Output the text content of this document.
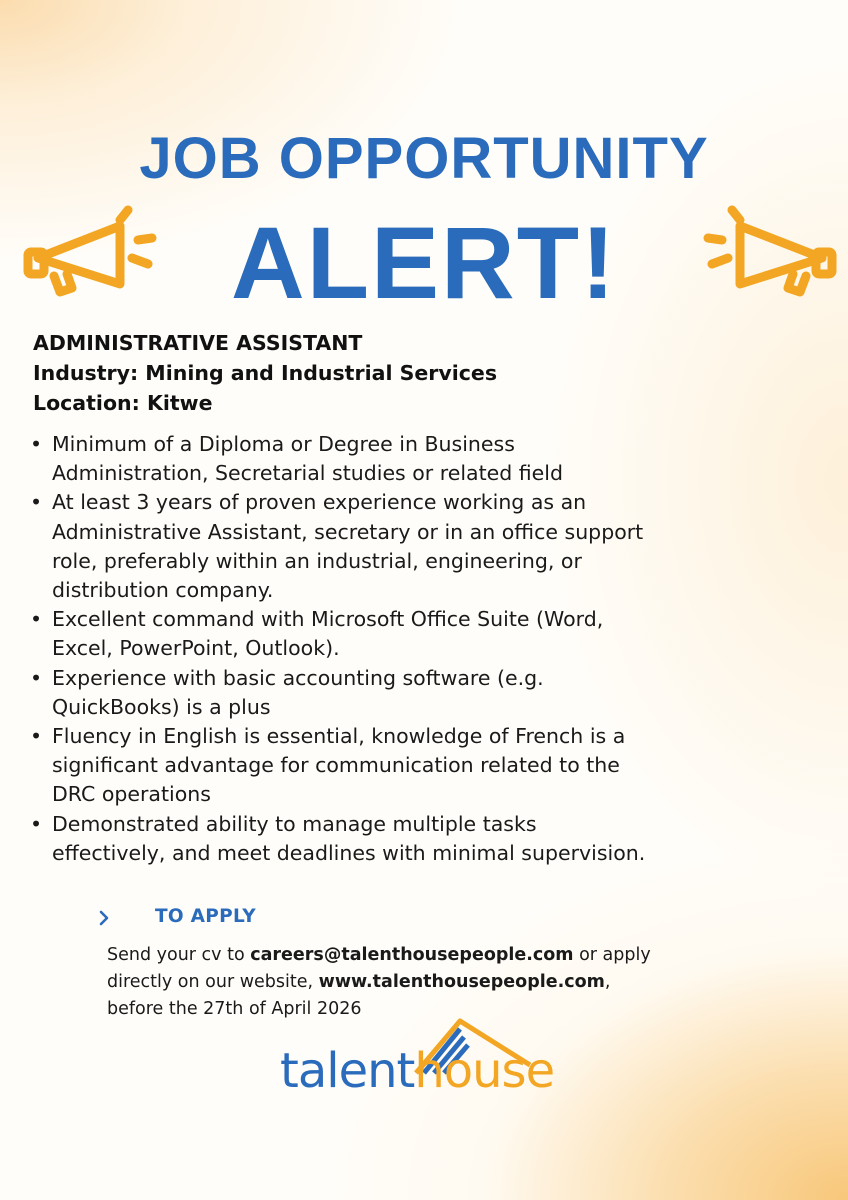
JOB OPPORTUNITY
ALERT!
ADMINISTRATIVE ASSISTANT
Industry: Mining and Industrial Services
Location: Kitwe
• Minimum of a Diploma or Degree in Business
Administration, Secretarial studies or related field
• At least 3 years of proven experience working as an
Administrative Assistant, secretary or in an office support
role, preferably within an industrial, engineering, or
distribution company.
• Excellent command with Microsoft Office Suite (Word,
Excel, PowerPoint, Outlook).
• Experience with basic accounting software (e.g.
QuickBooks) is a plus
• Fluency in English is essential, knowledge of French is a
significant advantage for communication related to the
DRC operations
• Demonstrated ability to manage multiple tasks
effectively, and meet deadlines with minimal supervision.
TO APPLY
Send your cv to careers@talenthousepeople.com or apply
directly on our website, www.talenthousepeople.com,
before the 27th of April 2026
talenthouse
